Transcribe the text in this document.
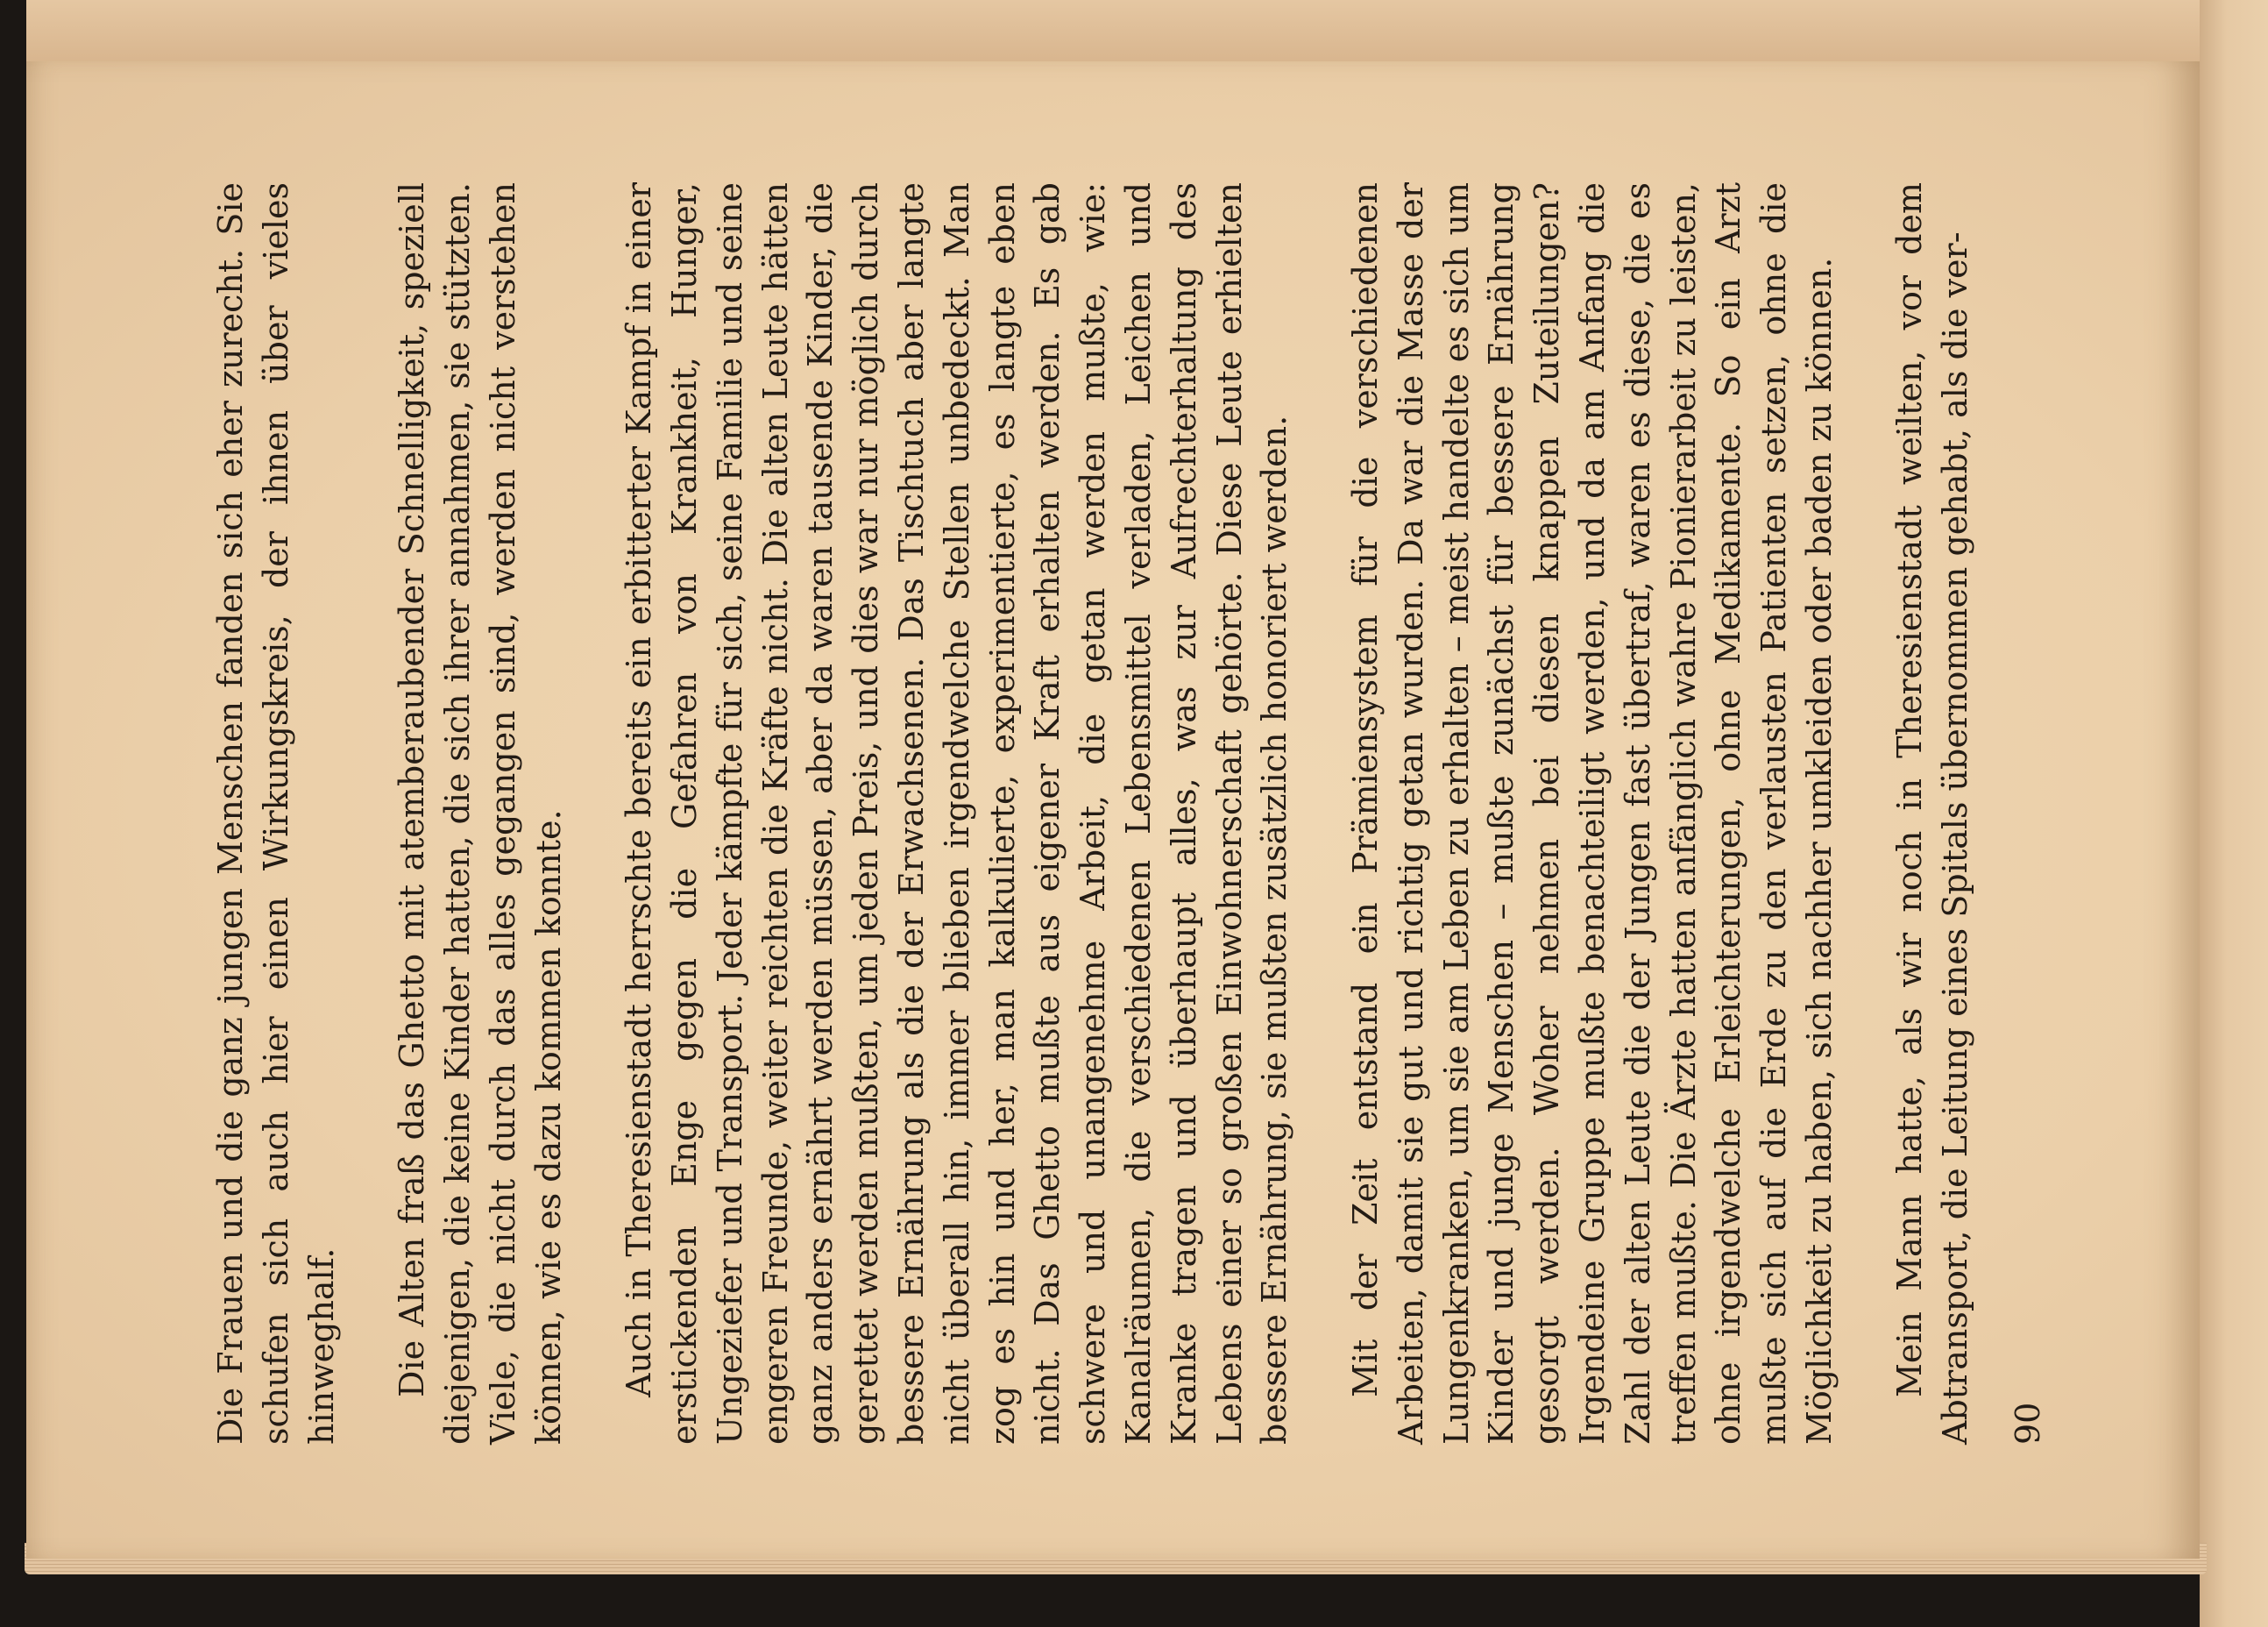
Die Frauen und die ganz jungen Menschen fanden sich eher zurecht. Sie schufen sich auch hier einen Wirkungskreis, der ihnen über vieles hinweghalf. Die Alten fraß das Ghetto mit atemberaubender Schnelligkeit, speziell diejenigen, die keine Kinder hatten, die sich ihrer annahmen, sie stützten. Viele, die nicht durch das alles gegangen sind, werden nicht verstehen können, wie es dazu kommen konnte. Auch in Theresienstadt herrschte bereits ein erbitterter Kampf in einer erstickenden Enge gegen die Gefahren von Krankheit, Hunger, Ungeziefer und Transport. Jeder kämpfte für sich, seine Familie und seine engeren Freunde, weiter reichten die Kräfte nicht. Die alten Leute hätten ganz anders ernährt werden müssen, aber da waren tausende Kinder, die gerettet werden mußten, um jeden Preis, und dies war nur möglich durch bessere Ernährung als die der Erwachsenen. Das Tischtuch aber langte nicht überall hin, immer blieben irgendwelche Stellen unbedeckt. Man zog es hin und her, man kalkulierte, experimentierte, es langte eben nicht. Das Ghetto mußte aus eigener Kraft erhalten werden. Es gab schwere und unangenehme Arbeit, die getan werden mußte, wie: Kanalräumen, die verschiedenen Lebensmittel verladen, Leichen und Kranke tragen und überhaupt alles, was zur Aufrechterhaltung des Lebens einer so großen Einwohnerschaft gehörte. Diese Leute erhielten bessere Ernährung, sie mußten zusätzlich honoriert werden. Mit der Zeit entstand ein Prämiensystem für die verschiedenen Arbeiten, damit sie gut und richtig getan wurden. Da war die Masse der Lungenkranken, um sie am Leben zu erhalten – meist handelte es sich um Kinder und junge Menschen – mußte zunächst für bessere Ernährung gesorgt werden. Woher nehmen bei diesen knappen Zuteilungen? Irgendeine Gruppe mußte benachteiligt werden, und da am Anfang die Zahl der alten Leute die der Jungen fast übertraf, waren es diese, die es treffen mußte. Die Ärzte hatten anfänglich wahre Pionierarbeit zu leisten, ohne irgendwelche Erleichterungen, ohne Medikamente. So ein Arzt mußte sich auf die Erde zu den verlausten Patienten setzen, ohne die Möglichkeit zu haben, sich nachher umkleiden oder baden zu können. Mein Mann hatte, als wir noch in Theresienstadt weilten, vor dem Abtransport, die Leitung eines Spitals übernommen gehabt, als die ver- 90
